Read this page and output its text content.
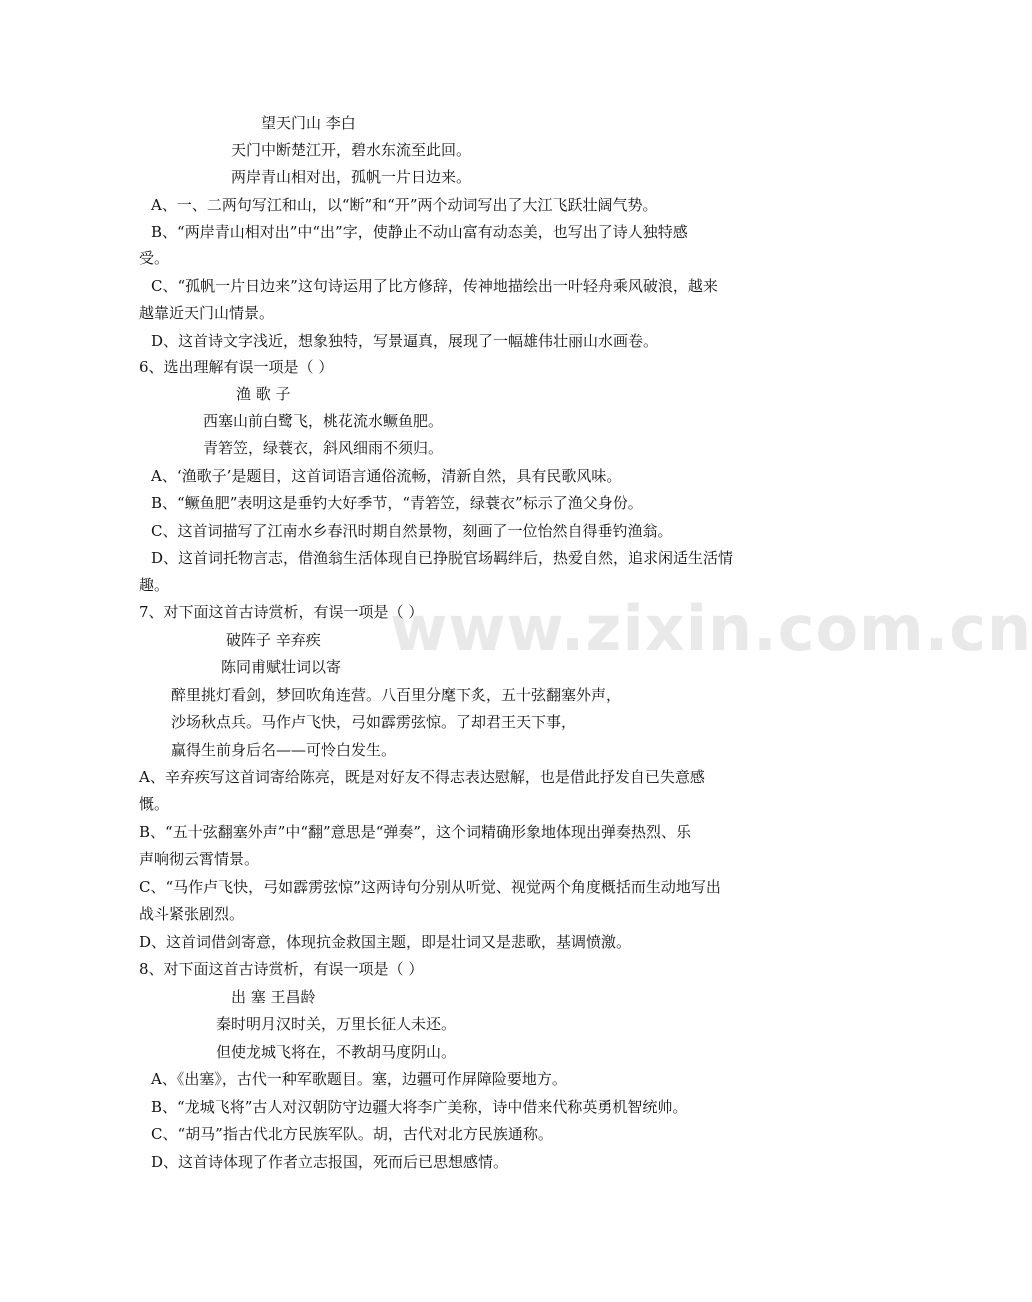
www.zixin.com.cn
望天门山 李白
天门中断楚江开，碧水东流至此回。
两岸青山相对出，孤帆一片日边来。
A、一、二两句写江和山，以“断”和“开”两个动词写出了大江飞跃壮阔气势。
B、“两岸青山相对出”中“出”字，使静止不动山富有动态美，也写出了诗人独特感
受。
C、“孤帆一片日边来”这句诗运用了比方修辞，传神地描绘出一叶轻舟乘风破浪，越来
越靠近天门山情景。
D、这首诗文字浅近，想象独特，写景逼真，展现了一幅雄伟壮丽山水画卷。
6、选出理解有误一项是（ ）
渔 歌 子
西塞山前白鹭飞，桃花流水鳜鱼肥。
青箬笠，绿蓑衣，斜风细雨不须归。
A、‘渔歌子’是题目，这首词语言通俗流畅，清新自然，具有民歌风味。
B、“鳜鱼肥”表明这是垂钓大好季节，“青箬笠，绿蓑衣”标示了渔父身份。
C、这首词描写了江南水乡春汛时期自然景物，刻画了一位怡然自得垂钓渔翁。
D、这首词托物言志，借渔翁生活体现自已挣脱官场羁绊后，热爱自然，追求闲适生活情
趣。
7、对下面这首古诗赏析，有误一项是（ ）
破阵子 辛弃疾
陈同甫赋壮词以寄
醉里挑灯看剑，梦回吹角连营。八百里分麾下炙，五十弦翻塞外声，
沙场秋点兵。马作卢飞快，弓如霹雳弦惊。了却君王天下事，
赢得生前身后名——可怜白发生。
A、辛弃疾写这首词寄给陈亮，既是对好友不得志表达慰解，也是借此抒发自已失意感
慨。
B、“五十弦翻塞外声”中“翻”意思是“弹奏”，这个词精确形象地体现出弹奏热烈、乐
声响彻云霄情景。
C、“马作卢飞快，弓如霹雳弦惊”这两诗句分别从听觉、视觉两个角度概括而生动地写出
战斗紧张剧烈。
D、这首词借剑寄意，体现抗金救国主题，即是壮词又是悲歌，基调愤激。
8、对下面这首古诗赏析，有误一项是（ ）
出 塞 王昌龄
秦时明月汉时关，万里长征人未还。
但使龙城飞将在，不教胡马度阴山。
A、《出塞》，古代一种军歌题目。塞，边疆可作屏障险要地方。
B、“龙城飞将”古人对汉朝防守边疆大将李广美称，诗中借来代称英勇机智统帅。
C、“胡马”指古代北方民族军队。胡，古代对北方民族通称。
D、这首诗体现了作者立志报国，死而后已思想感情。
